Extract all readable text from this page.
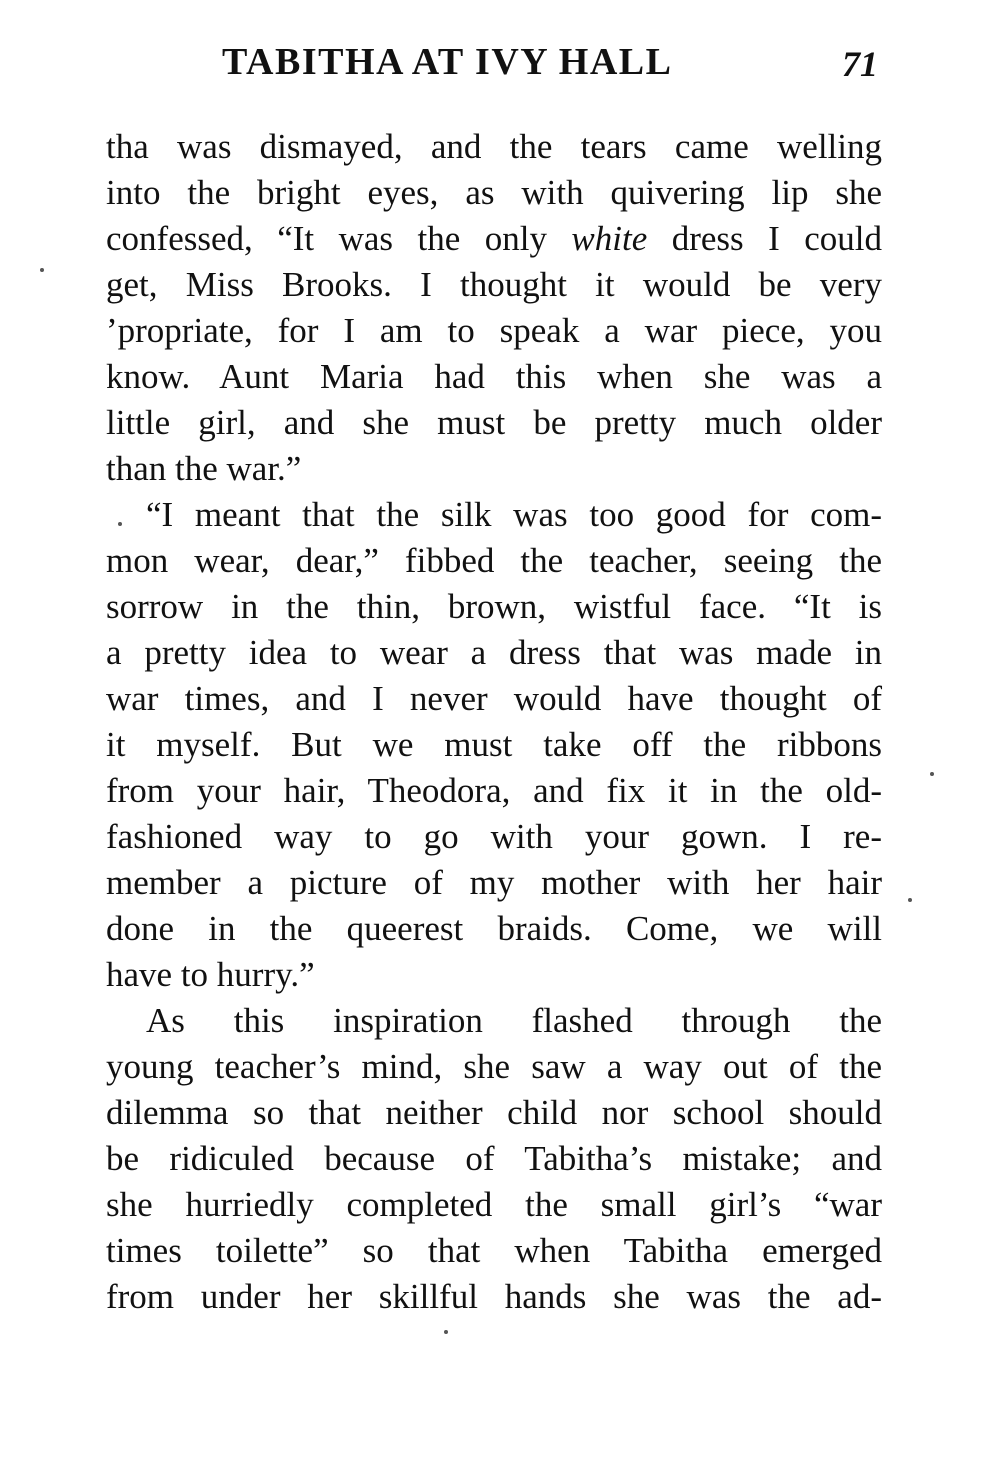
TABITHA AT IVY HALL	71
tha was dismayed, and the tears came welling
into the bright eyes, as with quivering lip she
confessed, “It was the only white dress I could
get, Miss Brooks. I thought it would be very
’propriate, for I am to speak a war piece, you
know. Aunt Maria had this when she was a
little girl, and she must be pretty much older
than the war.”
“I meant that the silk was too good for com-
mon wear, dear,” fibbed the teacher, seeing the
sorrow in the thin, brown, wistful face. “It is
a pretty idea to wear a dress that was made in
war times, and I never would have thought of
it myself. But we must take off the ribbons
from your hair, Theodora, and fix it in the old-
fashioned way to go with your gown. I re-
member a picture of my mother with her hair
done in the queerest braids. Come, we will
have to hurry.”
As this inspiration flashed through the
young teacher’s mind, she saw a way out of the
dilemma so that neither child nor school should
be ridiculed because of Tabitha’s mistake; and
she hurriedly completed the small girl’s “war
times toilette” so that when Tabitha emerged
from under her skillful hands she was the ad-
